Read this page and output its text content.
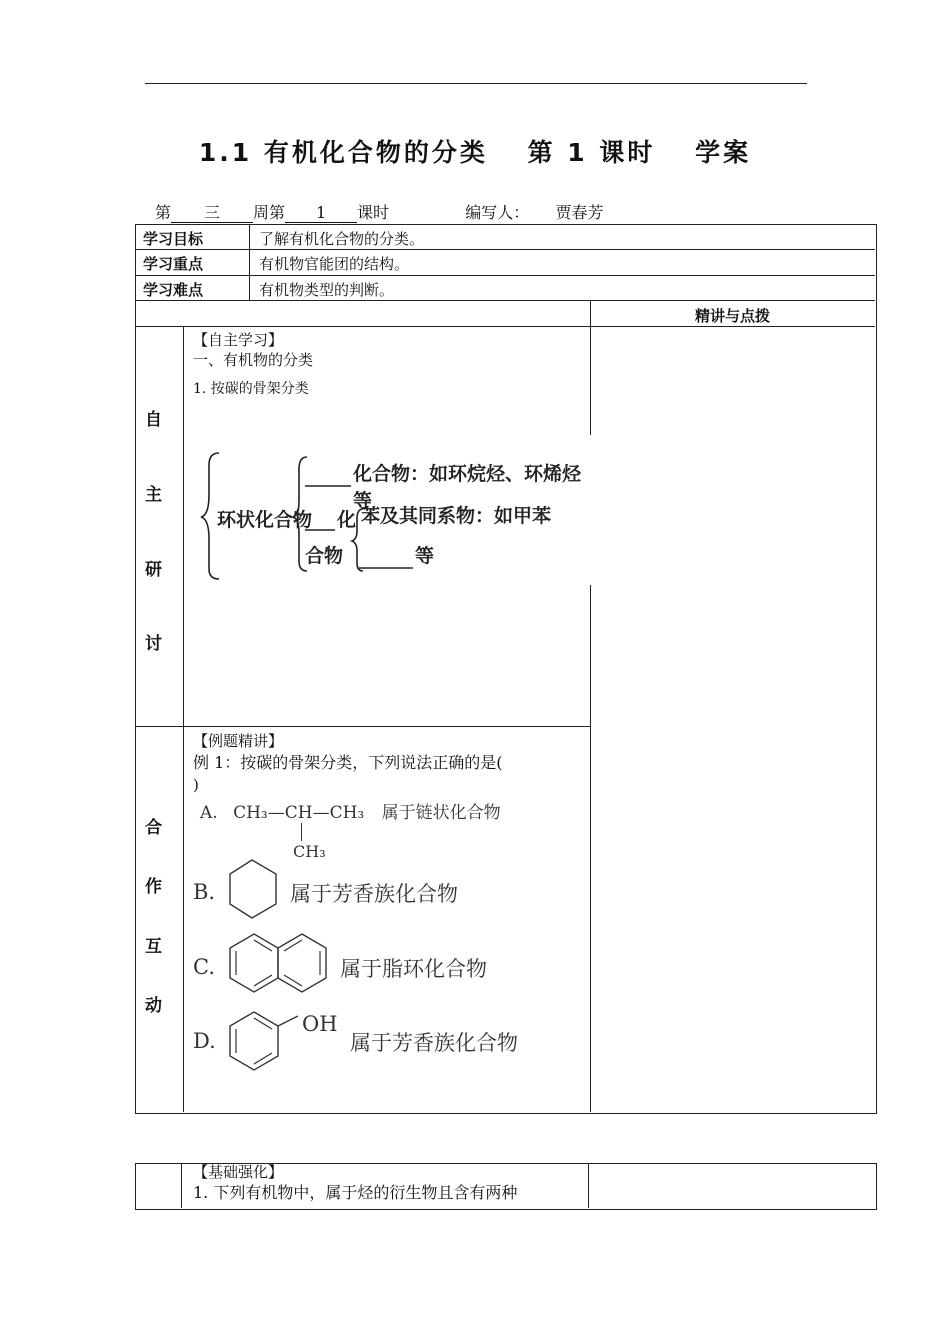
1.1 有机化合物的分类 第 1 课时 学案
第 三 周第 1 课时	编写人： 贾春芳
学习目标	了解有机化合物的分类。
学习重点	有机物官能团的结构。
学习难点	有机物类型的判断。
精讲与点拨
自
主
研
讨
【自主学习】
一、有机物的分类
1. 按碳的骨架分类
环状化合物
化合物：如环烷烃、环烯烃等
化
合物
苯及其同系物：如甲苯
等
合
作
互
动
【例题精讲】
例 1：按碳的骨架分类，下列说法正确的是(
)
A. CH₃—CH—CH₃ 属于链状化合物
CH₃
B.	属于芳香族化合物
C.	属于脂环化合物
D.
OH
属于芳香族化合物
【基础强化】
1. 下列有机物中，属于烃的衍生物且含有两种
